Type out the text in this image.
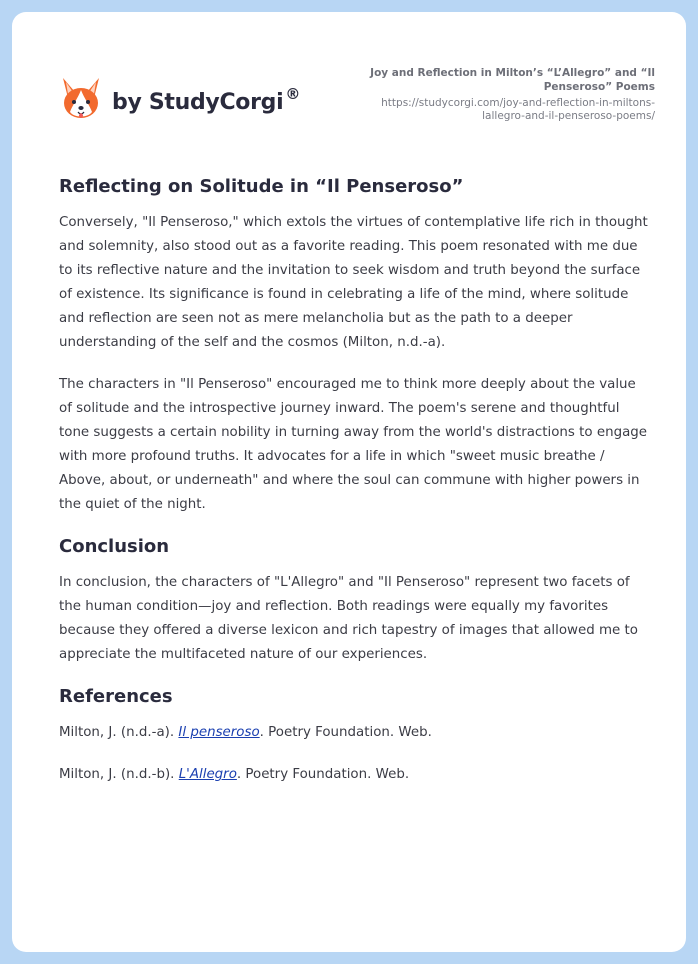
by StudyCorgi ®
Joy and Reflection in Milton’s “L’Allegro” and “Il Penseroso” Poems
https://studycorgi.com/joy-and-reflection-in-miltons-lallegro-and-il-penseroso-poems/
Reflecting on Solitude in “Il Penseroso”

Conversely, "Il Penseroso," which extols the virtues of contemplative life rich in thought and solemnity, also stood out as a favorite reading. This poem resonated with me due to its reflective nature and the invitation to seek wisdom and truth beyond the surface of existence. Its significance is found in celebrating a life of the mind, where solitude and reflection are seen not as mere melancholia but as the path to a deeper understanding of the self and the cosmos (Milton, n.d.-a).

The characters in "Il Penseroso" encouraged me to think more deeply about the value of solitude and the introspective journey inward. The poem's serene and thoughtful tone suggests a certain nobility in turning away from the world's distractions to engage with more profound truths. It advocates for a life in which "sweet music breathe / Above, about, or underneath" and where the soul can commune with higher powers in the quiet of the night.

Conclusion

In conclusion, the characters of "L'Allegro" and "Il Penseroso" represent two facets of the human condition—joy and reflection. Both readings were equally my favorites because they offered a diverse lexicon and rich tapestry of images that allowed me to appreciate the multifaceted nature of our experiences.

References

Milton, J. (n.d.-a). Il penseroso. Poetry Foundation. Web.

Milton, J. (n.d.-b). L'Allegro. Poetry Foundation. Web.
